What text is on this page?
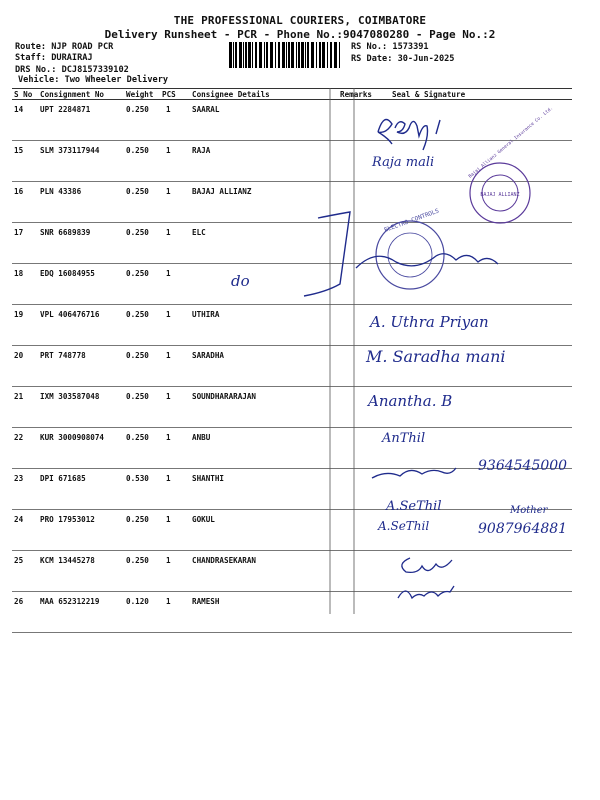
THE PROFESSIONAL COURIERS, COIMBATORE
Delivery Runsheet - PCR - Phone No.:9047080280 - Page No.:2
Route: NJP ROAD PCR
Staff: DURAIRAJ
DRS No.: DCJ8157339102
Vehicle: Two Wheeler Delivery
RS No.: 1573391
RS Date: 30-Jun-2025
S No	Consignment No	Weight	PCS	Consignee Details	Remarks	Seal & Signature
14	UPT 2284871	0.250	1	SAARAL		
15	SLM 373117944	0.250	1	RAJA		
16	PLN 43386	0.250	1	BAJAJ ALLIANZ		
17	SNR 6689839	0.250	1	ELC		
18	EDQ 16084955	0.250	1			
19	VPL 406476716	0.250	1	UTHIRA		
20	PRT 748778	0.250	1	SARADHA		
21	IXM 303587048	0.250	1	SOUNDHARARAJAN		
22	KUR 3000908074	0.250	1	ANBU		
23	DPI 671685	0.530	1	SHANTHI		
24	PRO 17953012	0.250	1	GOKUL		
25	KCM 13445278	0.250	1	CHANDRASEKARAN		
26	MAA 652312219	0.120	1	RAMESH		
Raja mali
BAJAJ ALLIANZ
Bajaj Allianz General Insurance Co. Ltd.
ELECTRO CONTROLS
do
A. Uthra Priyan
M. Saradha mani
Anantha. B
AnThil
9364545000
A.SeThil	Mother
9087964881
A.SeThil
